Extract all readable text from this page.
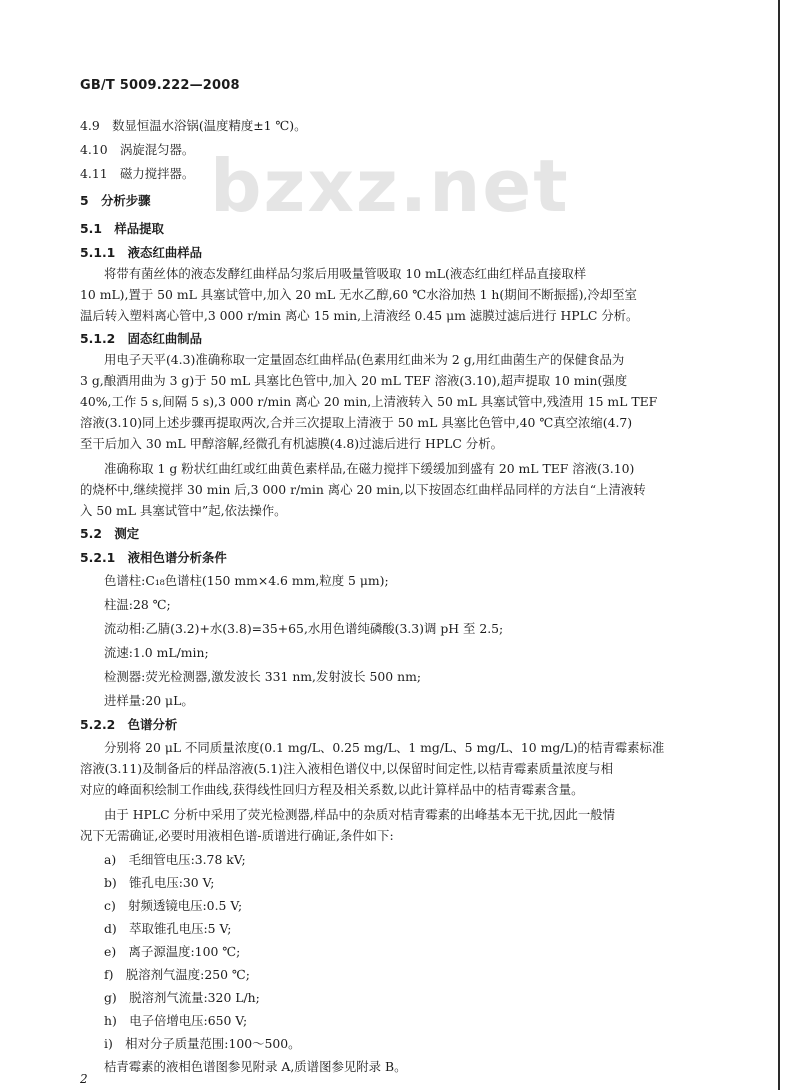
GB/T 5009.222—2008
bzxz.net
4.9　数显恒温水浴锅(温度精度±1 ℃)。
4.10　涡旋混匀器。
4.11　磁力搅拌器。
5　分析步骤
5.1　样品提取
5.1.1　液态红曲样品
将带有菌丝体的液态发酵红曲样品匀浆后用吸量管吸取 10 mL(液态红曲红样品直接取样
10 mL),置于 50 mL 具塞试管中,加入 20 mL 无水乙醇,60 ℃水浴加热 1 h(期间不断振摇),冷却至室
温后转入塑料离心管中,3 000 r/min 离心 15 min,上清液经 0.45 μm 滤膜过滤后进行 HPLC 分析。
5.1.2　固态红曲制品
用电子天平(4.3)准确称取一定量固态红曲样品(色素用红曲米为 2 g,用红曲菌生产的保健食品为
3 g,酿酒用曲为 3 g)于 50 mL 具塞比色管中,加入 20 mL TEF 溶液(3.10),超声提取 10 min(强度
40%,工作 5 s,间隔 5 s),3 000 r/min 离心 20 min,上清液转入 50 mL 具塞试管中,残渣用 15 mL TEF
溶液(3.10)同上述步骤再提取两次,合并三次提取上清液于 50 mL 具塞比色管中,40 ℃真空浓缩(4.7)
至干后加入 30 mL 甲醇溶解,经微孔有机滤膜(4.8)过滤后进行 HPLC 分析。
准确称取 1 g 粉状红曲红或红曲黄色素样品,在磁力搅拌下缓缓加到盛有 20 mL TEF 溶液(3.10)
的烧杯中,继续搅拌 30 min 后,3 000 r/min 离心 20 min,以下按固态红曲样品同样的方法自“上清液转
入 50 mL 具塞试管中”起,依法操作。
5.2　测定
5.2.1　液相色谱分析条件
色谱柱:C₁₈色谱柱(150 mm×4.6 mm,粒度 5 μm);
柱温:28 ℃;
流动相:乙腈(3.2)+水(3.8)=35+65,水用色谱纯磷酸(3.3)调 pH 至 2.5;
流速:1.0 mL/min;
检测器:荧光检测器,激发波长 331 nm,发射波长 500 nm;
进样量:20 μL。
5.2.2　色谱分析
分别将 20 μL 不同质量浓度(0.1 mg/L、0.25 mg/L、1 mg/L、5 mg/L、10 mg/L)的桔青霉素标准
溶液(3.11)及制备后的样品溶液(5.1)注入液相色谱仪中,以保留时间定性,以桔青霉素质量浓度与相
对应的峰面积绘制工作曲线,获得线性回归方程及相关系数,以此计算样品中的桔青霉素含量。
由于 HPLC 分析中采用了荧光检测器,样品中的杂质对桔青霉素的出峰基本无干扰,因此一般情
况下无需确证,必要时用液相色谱-质谱进行确证,条件如下:
a)　毛细管电压:3.78 kV;
b)　锥孔电压:30 V;
c)　射频透镜电压:0.5 V;
d)　萃取锥孔电压:5 V;
e)　离子源温度:100 ℃;
f)　脱溶剂气温度:250 ℃;
g)　脱溶剂气流量:320 L/h;
h)　电子倍增电压:650 V;
i)　相对分子质量范围:100～500。
桔青霉素的液相色谱图参见附录 A,质谱图参见附录 B。
2
